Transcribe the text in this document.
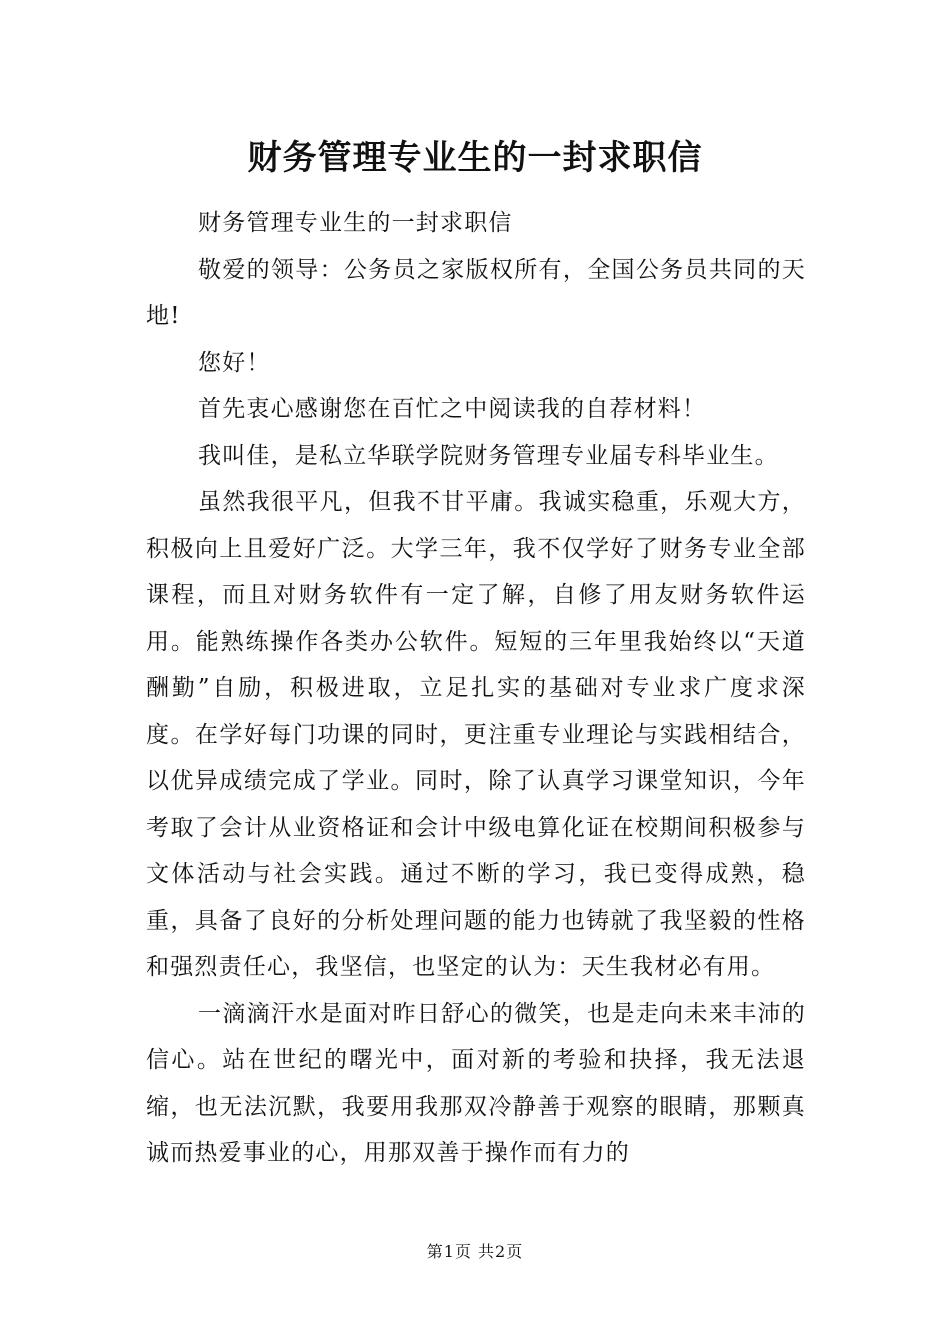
财务管理专业生的一封求职信

财务管理专业生的一封求职信

敬爱的领导：公务员之家版权所有，全国公务员共同的天地!

您好！

首先衷心感谢您在百忙之中阅读我的自荐材料！

我叫佳，是私立华联学院财务管理专业届专科毕业生。

虽然我很平凡，但我不甘平庸。我诚实稳重，乐观大方，积极向上且爱好广泛。大学三年，我不仅学好了财务专业全部课程，而且对财务软件有一定了解，自修了用友财务软件运用。能熟练操作各类办公软件。短短的三年里我始终以“天道酬勤”自励，积极进取，立足扎实的基础对专业求广度求深度。在学好每门功课的同时，更注重专业理论与实践相结合，以优异成绩完成了学业。同时，除了认真学习课堂知识，今年考取了会计从业资格证和会计中级电算化证在校期间积极参与文体活动与社会实践。通过不断的学习，我已变得成熟，稳重，具备了良好的分析处理问题的能力也铸就了我坚毅的性格和强烈责任心，我坚信，也坚定的认为：天生我材必有用。

一滴滴汗水是面对昨日舒心的微笑，也是走向未来丰沛的信心。站在世纪的曙光中，面对新的考验和抉择，我无法退缩，也无法沉默，我要用我那双冷静善于观察的眼睛，那颗真诚而热爱事业的心，用那双善于操作而有力的

第1页 共2页
